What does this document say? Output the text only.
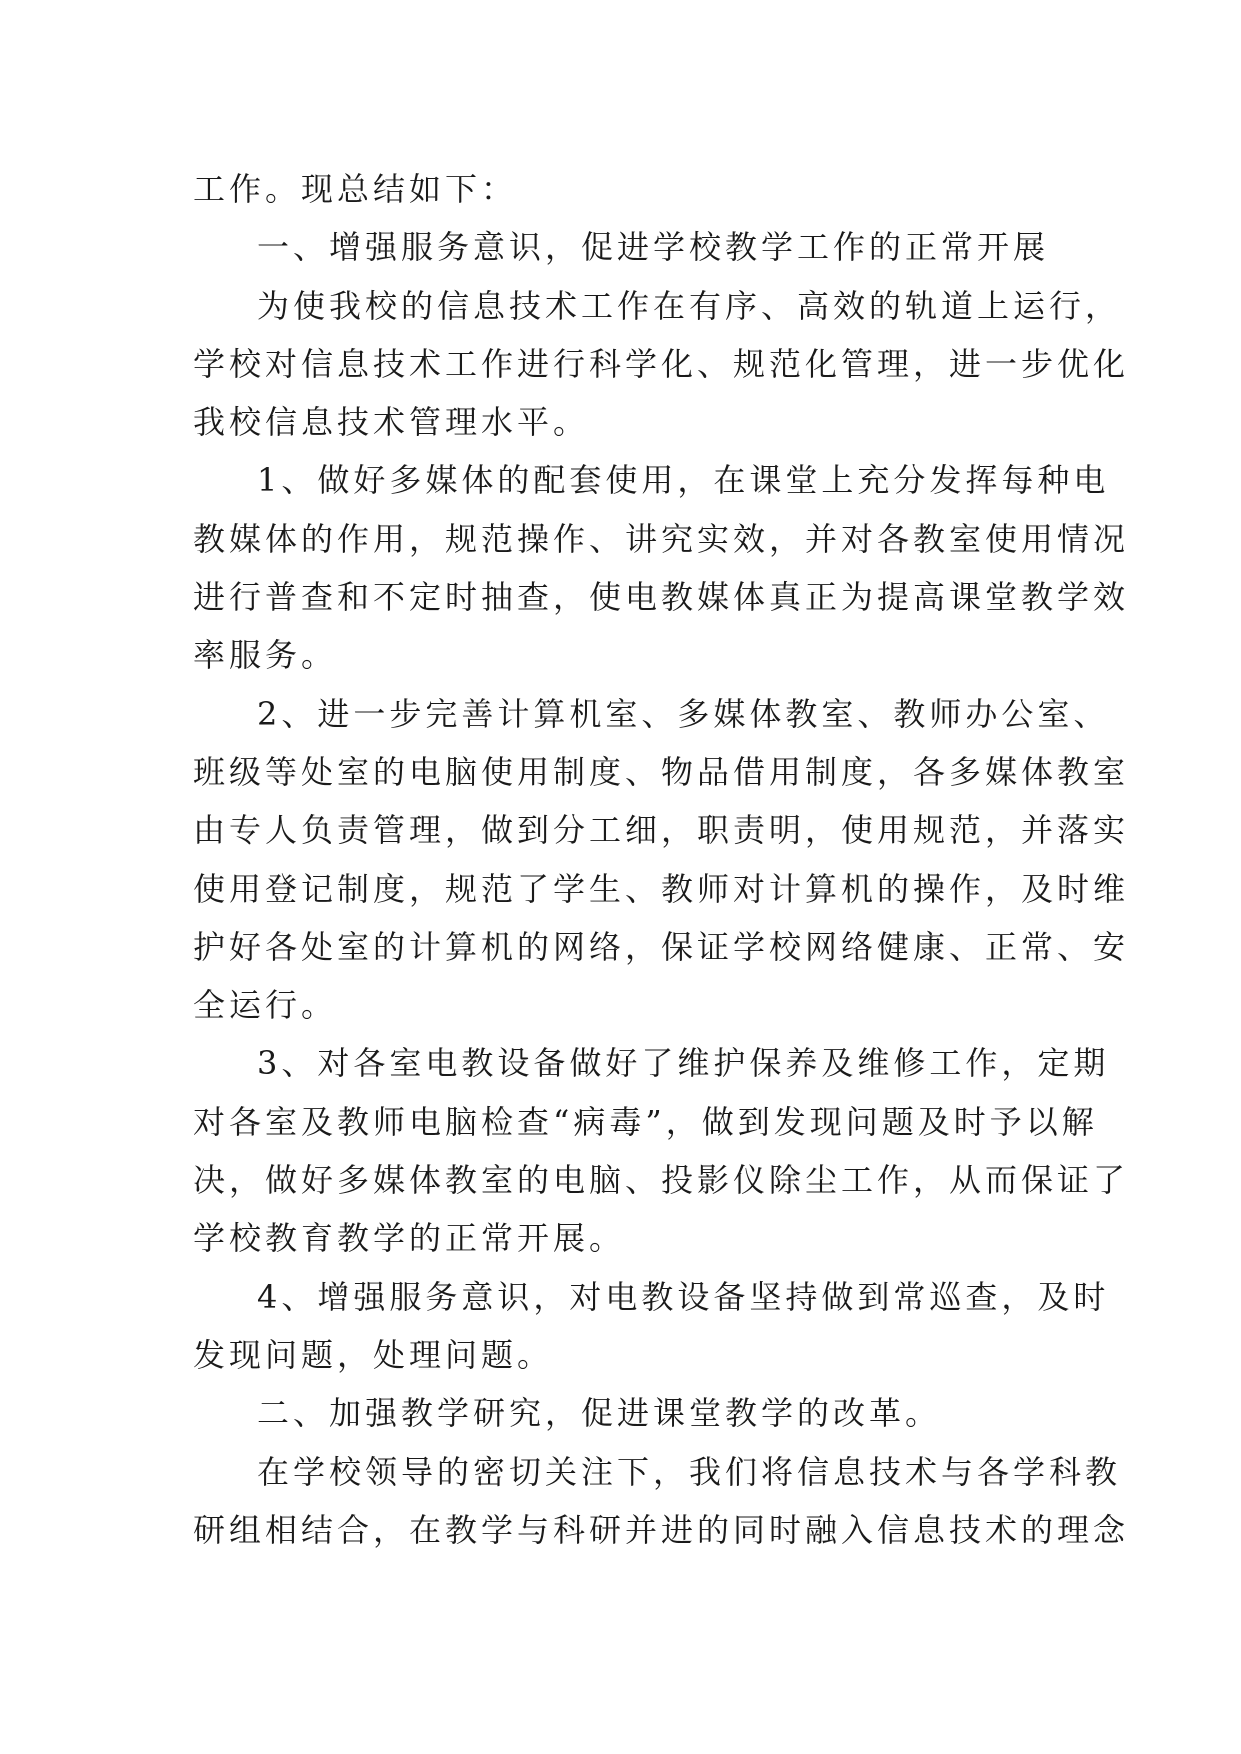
工作。现总结如下：
一、增强服务意识，促进学校教学工作的正常开展
为使我校的信息技术工作在有序、高效的轨道上运行，
学校对信息技术工作进行科学化、规范化管理，进一步优化
我校信息技术管理水平。
1、做好多媒体的配套使用，在课堂上充分发挥每种电
教媒体的作用，规范操作、讲究实效，并对各教室使用情况
进行普查和不定时抽查，使电教媒体真正为提高课堂教学效
率服务。
2、进一步完善计算机室、多媒体教室、教师办公室、
班级等处室的电脑使用制度、物品借用制度，各多媒体教室
由专人负责管理，做到分工细，职责明，使用规范，并落实
使用登记制度，规范了学生、教师对计算机的操作，及时维
护好各处室的计算机的网络，保证学校网络健康、正常、安
全运行。
3、对各室电教设备做好了维护保养及维修工作，定期
对各室及教师电脑检查“病毒”，做到发现问题及时予以解
决，做好多媒体教室的电脑、投影仪除尘工作，从而保证了
学校教育教学的正常开展。
4、增强服务意识，对电教设备坚持做到常巡查，及时
发现问题，处理问题。
二、加强教学研究，促进课堂教学的改革。
在学校领导的密切关注下，我们将信息技术与各学科教
研组相结合，在教学与科研并进的同时融入信息技术的理念
